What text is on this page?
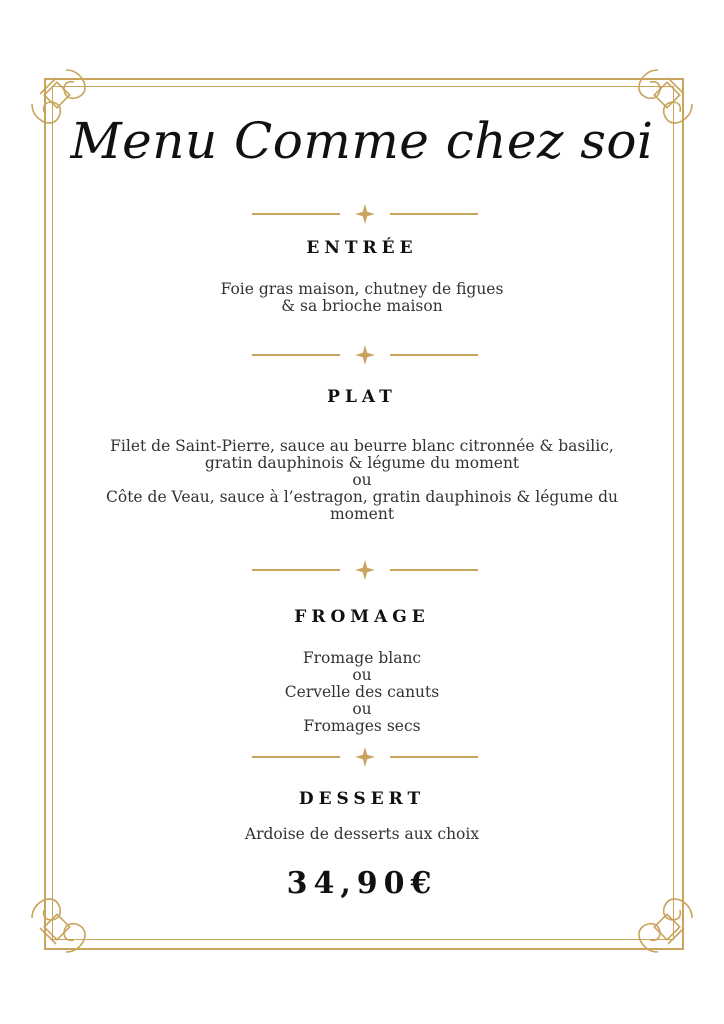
Menu Comme chez soi
ENTRÉE
Foie gras maison, chutney de figues
& sa brioche maison
PLAT
Filet de Saint-Pierre, sauce au beurre blanc citronnée & basilic,
gratin dauphinois & légume du moment
ou
Côte de Veau, sauce à l’estragon, gratin dauphinois & légume du
moment
FROMAGE
Fromage blanc
ou
Cervelle des canuts
ou
Fromages secs
DESSERT
Ardoise de desserts aux choix
34,90€
